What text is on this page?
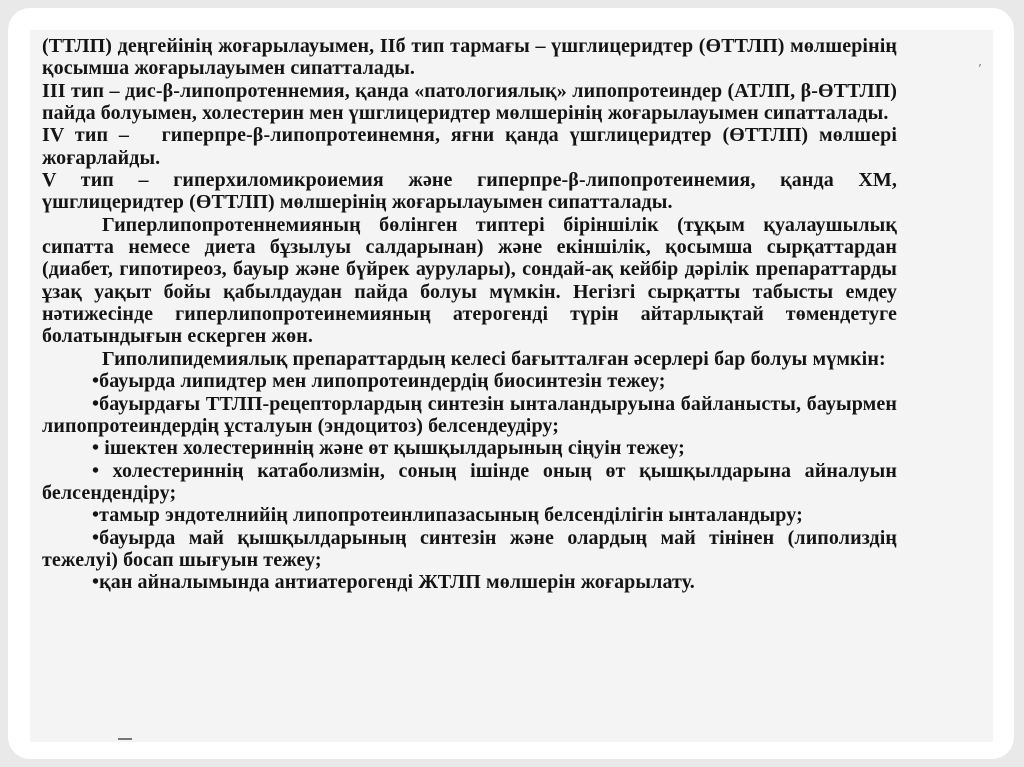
(ТТЛП) деңгейінің жоғарылауымен, IIб тип тармағы – үшглицеридтер (ӨТТЛП) мөлшерінің қосымша жоғарылауымен сипатталады.

III тип – дис-β-липопротеннемия, қанда «патологиялық» липопротеиндер (АТЛП, β-ӨТТЛП) пайда болуымен, холестерин мен үшглицеридтер мөлшерінің жоғарылауымен сипатталады.

IV тип –   гиперпре-β-липопротеинемня, яғни қанда үшглицеридтер (ӨТТЛП) мөлшері жоғарлайды.

V тип – гиперхиломикроиемия және гиперпре-β-липопротеинемия, қанда ХМ, үшглицеридтер (ӨТТЛП) мөлшерінің жоғарылауымен сипатталады.

Гиперлипопротеннемияның бөлінген типтері біріншілік (тұқым қуалаушылық сипатта немесе диета бұзылуы салдарынан) және екіншілік, қосымша сырқаттардан (диабет, гипотиреоз, бауыр және бүйрек аурулары), сондай-ақ кейбір дәрілік препараттарды ұзақ уақыт бойы қабылдаудан пайда болуы мүмкін. Негізгі сырқатты табысты емдеу нәтижесінде гиперлипопротеинемияның атерогенді түрін айтарлықтай төмендетуге болатындығын ескерген жөн.

Гиполипидемиялық препараттардың келесі бағытталған әсерлері бар болуы мүмкін:

•бауырда липидтер мен липопротеиндердің биосинтезін тежеу;

•бауырдағы ТТЛП-рецепторлардың синтезін ынталандыруына байланысты, бауырмен липопротеиндердің ұсталуын (эндоцитоз) белсендеудіру;

• ішектен холестериннің және өт қышқылдарының сіңуін тежеу;

• холестериннің катаболизмін, соның ішінде оның өт қышқылдарына айналуын белсендендіру;

•тамыр эндотелнийің липопротеинлипазасының белсенділігін ынталандыру;

•бауырда май қышқылдарының синтезін және олардың май тінінен (липолиздің тежелуі) босап шығуын тежеу;

•қан айналымында антиатерогенді ЖТЛП мөлшерін жоғарылату.

’
